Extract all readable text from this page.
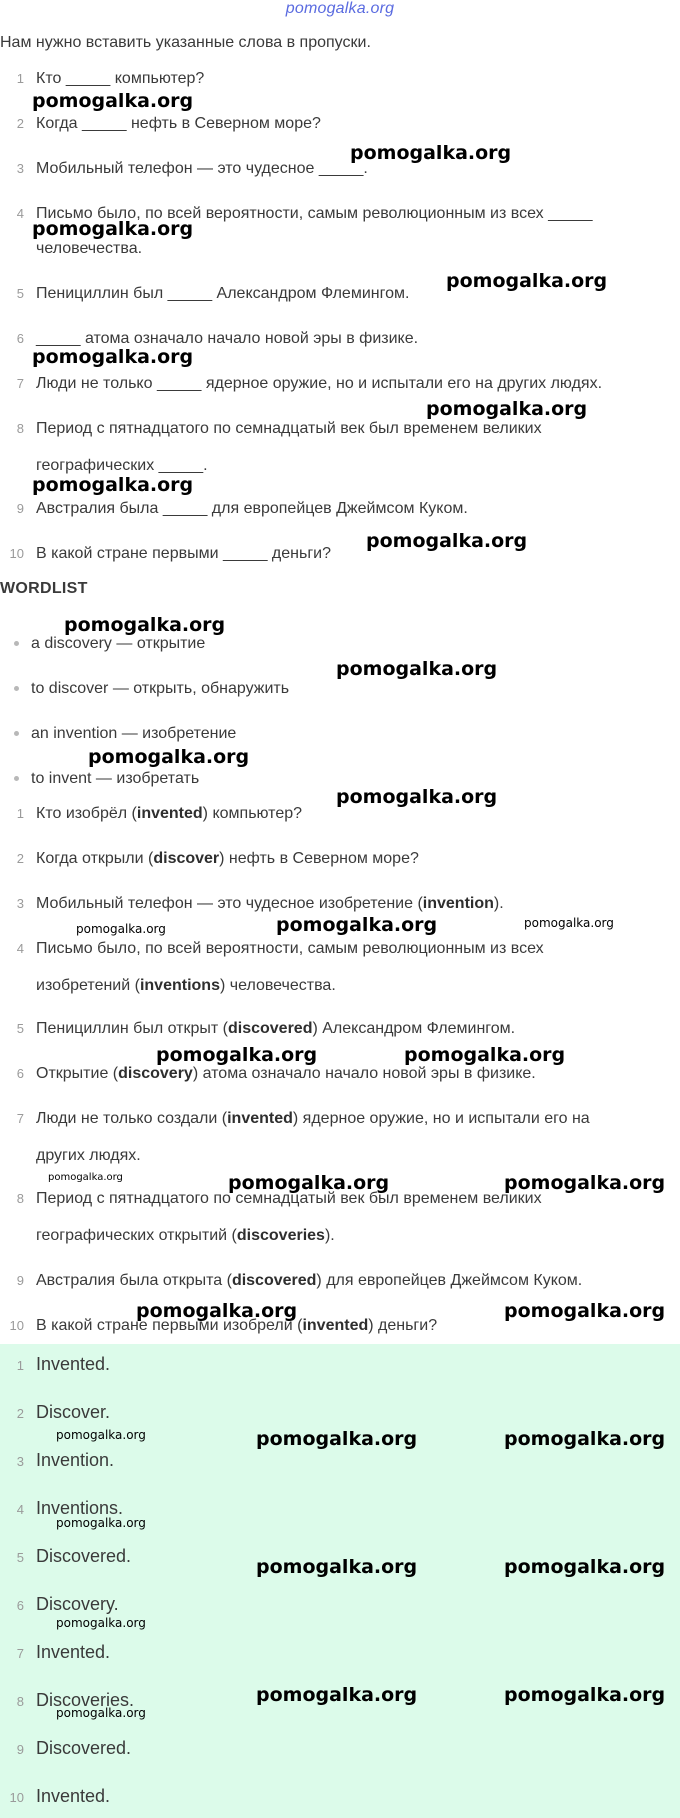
pomogalka.org
Нам нужно вставить указанные слова в пропуски.
1 Кто _____ компьютер?
2 Когда _____ нефть в Северном море?
3 Мобильный телефон — это чудесное _____.
4 Письмо было, по всей вероятности, самым революционным из всех _____
человечества.
5 Пенициллин был _____ Александром Флемингом.
6 _____ атома означало начало новой эры в физике.
7 Люди не только _____ ядерное оружие, но и испытали его на других людях.
8 Период с пятнадцатого по семнадцатый век был временем великих
географических _____.
9 Австралия была _____ для европейцев Джеймсом Куком.
10 В какой стране первыми _____ деньги?
WORDLIST
a discovery — открытие
to discover — открыть, обнаружить
an invention — изобретение
to invent — изобретать
1 Кто изобрёл (invented) компьютер?
2 Когда открыли (discover) нефть в Северном море?
3 Мобильный телефон — это чудесное изобретение (invention).
4 Письмо было, по всей вероятности, самым революционным из всех
изобретений (inventions) человечества.
5 Пенициллин был открыт (discovered) Александром Флемингом.
6 Открытие (discovery) атома означало начало новой эры в физике.
7 Люди не только создали (invented) ядерное оружие, но и испытали его на
других людях.
8 Период с пятнадцатого по семнадцатый век был временем великих
географических открытий (discoveries).
9 Австралия была открыта (discovered) для европейцев Джеймсом Куком.
10 В какой стране первыми изобрели (invented) деньги?
1 Invented.
2 Discover.
3 Invention.
4 Inventions.
5 Discovered.
6 Discovery.
7 Invented.
8 Discoveries.
9 Discovered.
10 Invented.
pomogalka.org
pomogalka.org
pomogalka.org
pomogalka.org
pomogalka.org
pomogalka.org
pomogalka.org
pomogalka.org
pomogalka.org
pomogalka.org
pomogalka.org
pomogalka.org
pomogalka.org	pomogalka.org	pomogalka.org
pomogalka.org	pomogalka.org
pomogalka.org	pomogalka.org	pomogalka.org
pomogalka.org	pomogalka.org
pomogalka.org	pomogalka.org	pomogalka.org
pomogalka.org
pomogalka.org	pomogalka.org
pomogalka.org
pomogalka.org	pomogalka.org
pomogalka.org
